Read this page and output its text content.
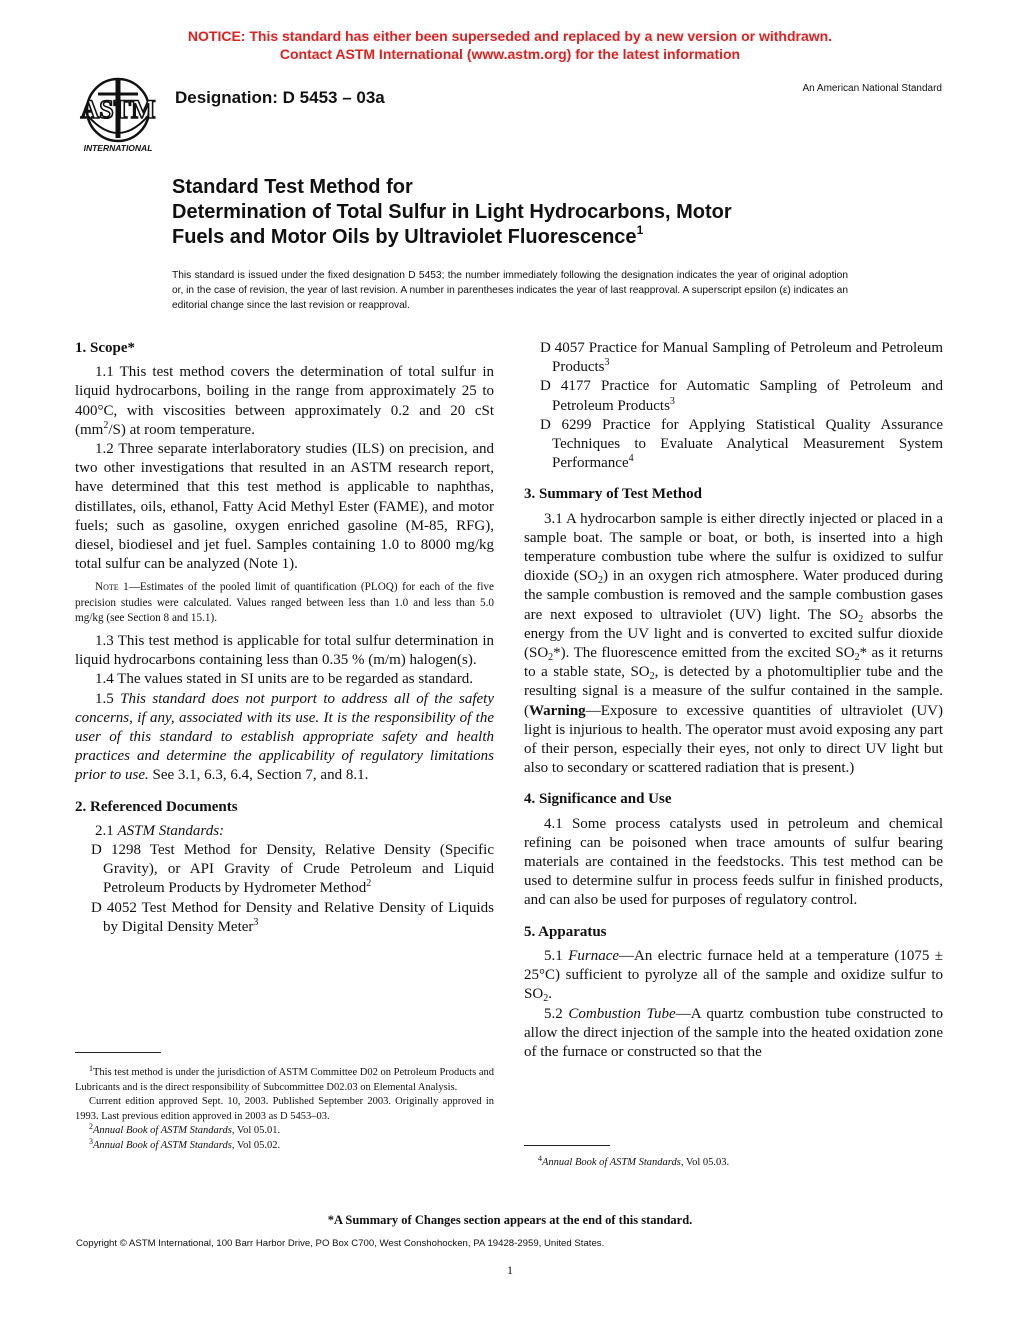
NOTICE: This standard has either been superseded and replaced by a new version or withdrawn.
Contact ASTM International (www.astm.org) for the latest information
ASTM
INTERNATIONAL
Designation: D 5453 – 03a	An American National Standard
Standard Test Method for
Determination of Total Sulfur in Light Hydrocarbons, Motor
Fuels and Motor Oils by Ultraviolet Fluorescence$^1$
This standard is issued under the fixed designation D 5453; the number immediately following the designation indicates the year of original adoption or, in the case of revision, the year of last revision. A number in parentheses indicates the year of last reapproval. A superscript epsilon (ε) indicates an editorial change since the last revision or reapproval.

1. Scope*

1.1 This test method covers the determination of total sulfur in liquid hydrocarbons, boiling in the range from approximately 25 to 400°C, with viscosities between approximately 0.2 and 20 cSt $(mm^2/S)$ at room temperature.

1.2 Three separate interlaboratory studies (ILS) on precision, and two other investigations that resulted in an ASTM research report, have determined that this test method is applicable to naphthas, distillates, oils, ethanol, Fatty Acid Methyl Ester (FAME), and motor fuels; such as gasoline, oxygen enriched gasoline (M-85, RFG), diesel, biodiesel and jet fuel. Samples containing 1.0 to 8000 mg/kg total sulfur can be analyzed (Note 1).

Note 1—Estimates of the pooled limit of quantification (PLOQ) for each of the five precision studies were calculated. Values ranged between less than 1.0 and less than 5.0 mg/kg (see Section 8 and 15.1).

1.3 This test method is applicable for total sulfur determination in liquid hydrocarbons containing less than 0.35 % (m/m) halogen(s).

1.4 The values stated in SI units are to be regarded as standard.

1.5 This standard does not purport to address all of the safety concerns, if any, associated with its use. It is the responsibility of the user of this standard to establish appropriate safety and health practices and determine the applicability of regulatory limitations prior to use. See 3.1, 6.3, 6.4, Section 7, and 8.1.

2. Referenced Documents

2.1 ASTM Standards:

D 1298 Test Method for Density, Relative Density (Specific Gravity), or API Gravity of Crude Petroleum and Liquid Petroleum Products by Hydrometer Method$^2$

D 4052 Test Method for Density and Relative Density of Liquids by Digital Density Meter$^3$

$^1$This test method is under the jurisdiction of ASTM Committee D02 on Petroleum Products and Lubricants and is the direct responsibility of Subcommittee D02.03 on Elemental Analysis.

Current edition approved Sept. 10, 2003. Published September 2003. Originally approved in 1993. Last previous edition approved in 2003 as D 5453–03.

$^2$Annual Book of ASTM Standards, Vol 05.01.

$^3$Annual Book of ASTM Standards, Vol 05.02.

D 4057 Practice for Manual Sampling of Petroleum and Petroleum Products$^3$

D 4177 Practice for Automatic Sampling of Petroleum and Petroleum Products$^3$

D 6299 Practice for Applying Statistical Quality Assurance Techniques to Evaluate Analytical Measurement System Performance$^4$

3. Summary of Test Method

3.1 A hydrocarbon sample is either directly injected or placed in a sample boat. The sample or boat, or both, is inserted into a high temperature combustion tube where the sulfur is oxidized to sulfur dioxide $(SO_2)$ in an oxygen rich atmosphere. Water produced during the sample combustion is removed and the sample combustion gases are next exposed to ultraviolet (UV) light. The $SO_2$ absorbs the energy from the UV light and is converted to excited sulfur dioxide $(SO_2*)$. The fluorescence emitted from the excited $SO_2*$ as it returns to a stable state, $SO_2$, is detected by a photomultiplier tube and the resulting signal is a measure of the sulfur contained in the sample. (Warning—Exposure to excessive quantities of ultraviolet (UV) light is injurious to health. The operator must avoid exposing any part of their person, especially their eyes, not only to direct UV light but also to secondary or scattered radiation that is present.)

4. Significance and Use

4.1 Some process catalysts used in petroleum and chemical refining can be poisoned when trace amounts of sulfur bearing materials are contained in the feedstocks. This test method can be used to determine sulfur in process feeds sulfur in finished products, and can also be used for purposes of regulatory control.

5. Apparatus

5.1 Furnace—An electric furnace held at a temperature (1075 ± 25°C) sufficient to pyrolyze all of the sample and oxidize sulfur to $SO_2$.

5.2 Combustion Tube—A quartz combustion tube constructed to allow the direct injection of the sample into the heated oxidation zone of the furnace or constructed so that the

$^4$Annual Book of ASTM Standards, Vol 05.03.

*A Summary of Changes section appears at the end of this standard.
Copyright © ASTM International, 100 Barr Harbor Drive, PO Box C700, West Conshohocken, PA 19428-2959, United States.
1
